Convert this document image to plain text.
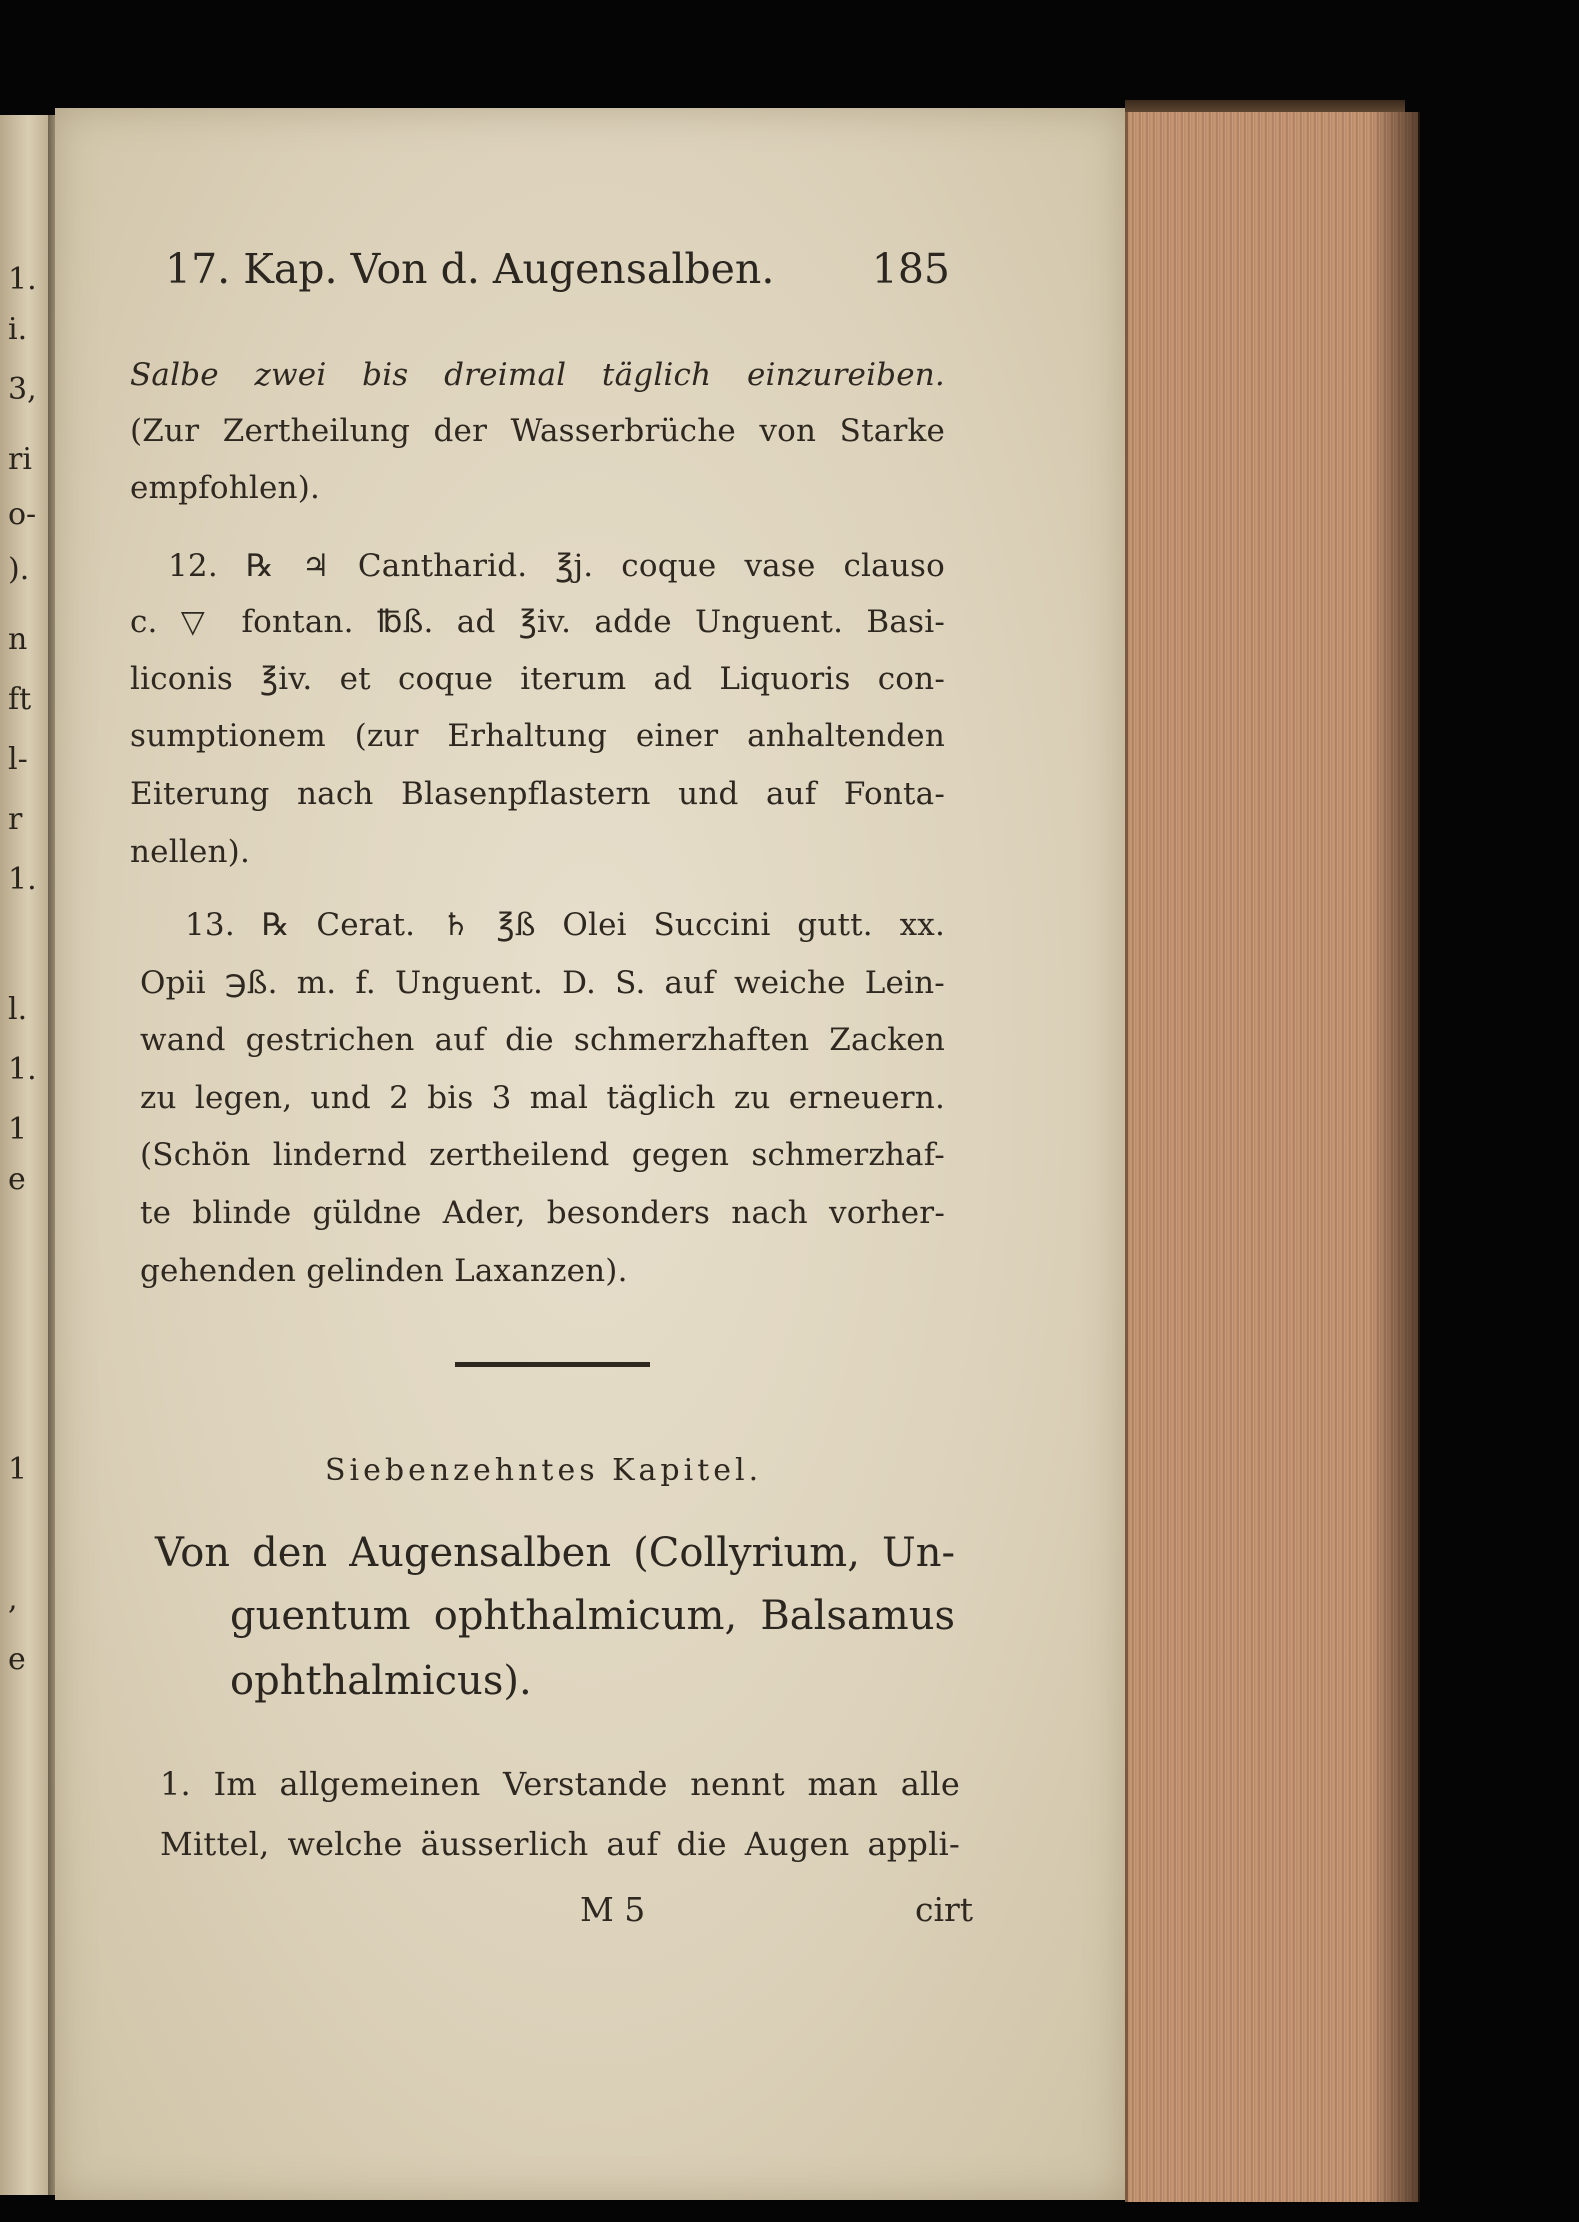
1.
i.
3,
ri
o-
).
n
ft
l-
r
1.
l.
1.
1
e
1
,
e
17. Kap. Von d. Augensalben. 185
Salbe zwei bis dreimal täglich einzureiben.
(Zur Zertheilung der Wasserbrüche von Starke
empfohlen).
12. ℞ ♃ Cantharid. ℥j. coque vase clauso
c. ▽ fontan. ℔ß. ad ℥iv. adde Unguent. Basi-
liconis ℥iv. et coque iterum ad Liquoris con-
sumptionem (zur Erhaltung einer anhaltenden
Eiterung nach Blasenpflastern und auf Fonta-
nellen).
13. ℞ Cerat. ♄ ℥ß Olei Succini gutt. xx.
Opii ℈ß. m. f. Unguent. D. S. auf weiche Lein-
wand gestrichen auf die schmerzhaften Zacken
zu legen, und 2 bis 3 mal täglich zu erneuern.
(Schön lindernd zertheilend gegen schmerzhaf-
te blinde güldne Ader, besonders nach vorher-
gehenden gelinden Laxanzen).
Siebenzehntes Kapitel.
Von den Augensalben (Collyrium, Un-
guentum ophthalmicum, Balsamus
ophthalmicus).
1. Im allgemeinen Verstande nennt man alle
Mittel, welche äusserlich auf die Augen appli-
M 5	cirt
